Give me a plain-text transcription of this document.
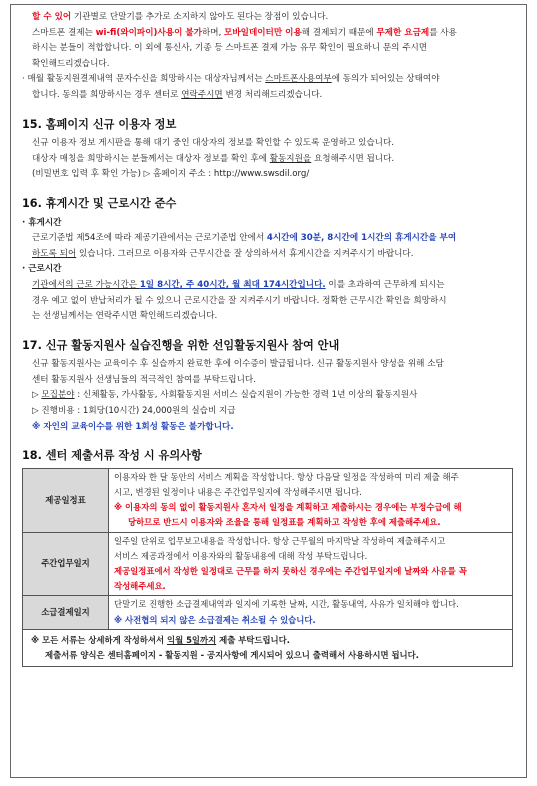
할 수 있어 기관별로 단말기를 추가로 소지하지 않아도 된다는 장점이 있습니다.

스마트폰 결제는 wi-fi(와이파이)사용이 불가하며, 모바일데이터만 이용해 결제되기 때문에 무제한 요금제를 사용

하시는 분들이 적합합니다. 이 외에 통신사, 기종 등 스마트폰 결제 가능 유무 확인이 필요하니 문의 주시면

확인해드리겠습니다.

· 매월 활동지원결제내역 문자수신을 희망하시는 대상자님께서는 스마트폰사용여부에 동의가 되어있는 상태여야

합니다. 동의를 희망하시는 경우 센터로 연락주시면 변경 처리해드리겠습니다.

15. 홈페이지 신규 이용자 정보

신규 이용자 정보 게시판을 통해 대기 중인 대상자의 정보를 확인할 수 있도록 운영하고 있습니다.

대상자 매칭을 희망하시는 분들께서는 대상자 정보를 확인 후에 활동지원을 요청해주시면 됩니다.

(비밀번호 입력 후 확인 가능) ▷ 홈페이지 주소 : http://www.swsdil.org/

16. 휴게시간 및 근로시간 준수

· 휴게시간

근로기준법 제54조에 따라 제공기관에서는 근로기준법 안에서 4시간에 30분, 8시간에 1시간의 휴게시간을 부여

하도록 되어 있습니다. 그러므로 이용자와 근무시간을 잘 상의하셔서 휴게시간을 지켜주시기 바랍니다.

· 근로시간

기관에서의 근로 가능시간은 1일 8시간, 주 40시간, 월 최대 174시간입니다. 이를 초과하여 근무하게 되시는

경우 예고 없이 반납처리가 될 수 있으니 근로시간을 잘 지켜주시기 바랍니다. 정확한 근무시간 확인을 희망하시

는 선생님께서는 연락주시면 확인해드리겠습니다.

17. 신규 활동지원사 실습진행을 위한 선임활동지원사 참여 안내

신규 활동지원사는 교육이수 후 실습까지 완료한 후에 이수증이 발급됩니다. 신규 활동지원사 양성을 위해 소담

센터 활동지원사 선생님들의 적극적인 참여를 부탁드립니다.

▷ 모집분야 : 신체활동, 가사활동, 사회활동지원 서비스 실습지원이 가능한 경력 1년 이상의 활동지원사

▷ 진행비용 : 1회당(10시간) 24,000원의 실습비 지급

※ 자인의 교육이수를 위한 1회성 활동은 불가합니다.

18. 센터 제출서류 작성 시 유의사항
제공일정표	이용자와 한 달 동안의 서비스 계획을 작성합니다. 항상 다음달 일정을 작성하여 미리 제출 해주
시고, 변경된 일정이나 내용은 주간업무일지에 작성해주시면 됩니다.
※ 이용자의 동의 없이 활동지원사 혼자서 일정을 계획하고 제출하시는 경우에는 부정수급에 해
당하므로 반드시 이용자와 조율을 통해 일정표를 계획하고 작성한 후에 제출해주세요.

주간업무일지	일주일 단위로 업무보고내용을 작성합니다. 항상 근무월의 마지막날 작성하여 제출해주시고
서비스 제공과정에서 이용자와의 활동내용에 대해 작성 부탁드립니다.
제공일정표에서 작성한 일정대로 근무를 하지 못하신 경우에는 주간업무일지에 날짜와 사유를 꼭
작성해주세요.

소급결제일지	단말기로 진행한 소급결제내역과 일지에 기록한 날짜, 시간, 활동내역, 사유가 일치해야 합니다.
※ 사전협의 되지 않은 소급결제는 취소될 수 있습니다.

※ 모든 서류는 상세하게 작성하셔서 익월 5일까지 제출 부탁드립니다.
제출서류 양식은 센터홈페이지 - 활동지원 - 공지사항에 게시되어 있으니 출력해서 사용하시면 됩니다.	
